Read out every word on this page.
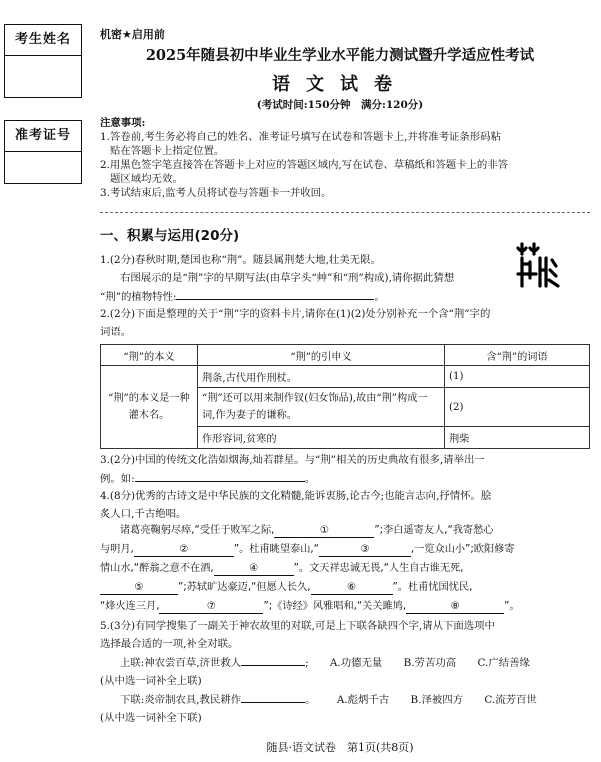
考生姓名
准考证号
机密★启用前
2025年随县初中毕业生学业水平能力测试暨升学适应性考试
语文试卷
(考试时间:150分钟　满分:120分)
注意事项:
1.答卷前,考生务必将自己的姓名、准考证号填写在试卷和答题卡上,并将准考证条形码粘
贴在答题卡上指定位置。
2.用黑色签字笔直接答在答题卡上对应的答题区域内,写在试卷、草稿纸和答题卡上的非答
题区域均无效。
3.考试结束后,监考人员将试卷与答题卡一并收回。
一、积累与运用(20分)
1.(2分)春秋时期,楚国也称“荆”。随县属荆楚大地,壮美无限。
右图展示的是“荆”字的早期写法(由草字头“艸”和“刑”构成),请你据此猜想
“荆”的植物特性:	。
2.(2分)下面是整理的关于“荆”字的资料卡片,请你在(1)(2)处分别补充一个含“荆”字的
词语。
“荆”的本义	“荆”的引申义	含“荆”的词语
“荆”的本义是一种灌木名。	荆条,古代用作刑杖。	(1)
	“荆”还可以用来制作钗(妇女饰品),故由“荆”构成一词,作为妻子的谦称。	(2)
	作形容词,贫寒的	荆柴
3.(2分)中国的传统文化浩如烟海,灿若群星。与“荆”相关的历史典故有很多,请举出一
例。如:	。
4.(8分)优秀的古诗文是中华民族的文化精髓,能诉衷肠,论古今;也能言志向,抒情怀。脍
炙人口,千古绝唱。
诸葛亮鞠躬尽瘁,“受任于败军之际,	①	”;李白遥寄友人,“我寄愁心
与明月,	②	”。杜甫眺望泰山,“	③	,一览众山小”;欧阳修寄
情山水,“醉翁之意不在酒,	④	”。文天祥忠诚无畏,“人生自古谁无死,
⑤	”;苏轼旷达豪迈,“但愿人长久,	⑥	”。杜甫忧国忧民,
“烽火连三月,	⑦	”;《诗经》风雅唱和,“关关雎鸠,	⑧	”。
5.(3分)有同学搜集了一副关于神农故里的对联,可是上下联各缺四个字,请从下面选项中
选择最合适的一项,补全对联。
上联:神农尝百草,济世救人	; A.功德无量 B.劳苦功高 C.广结善缘
(从中选一词补全上联)
下联:炎帝制农具,教民耕作	。 A.彪炳千古 B.泽被四方 C.流芳百世
(从中选一词补全下联)
随县·语文试卷　第1页(共8页)
